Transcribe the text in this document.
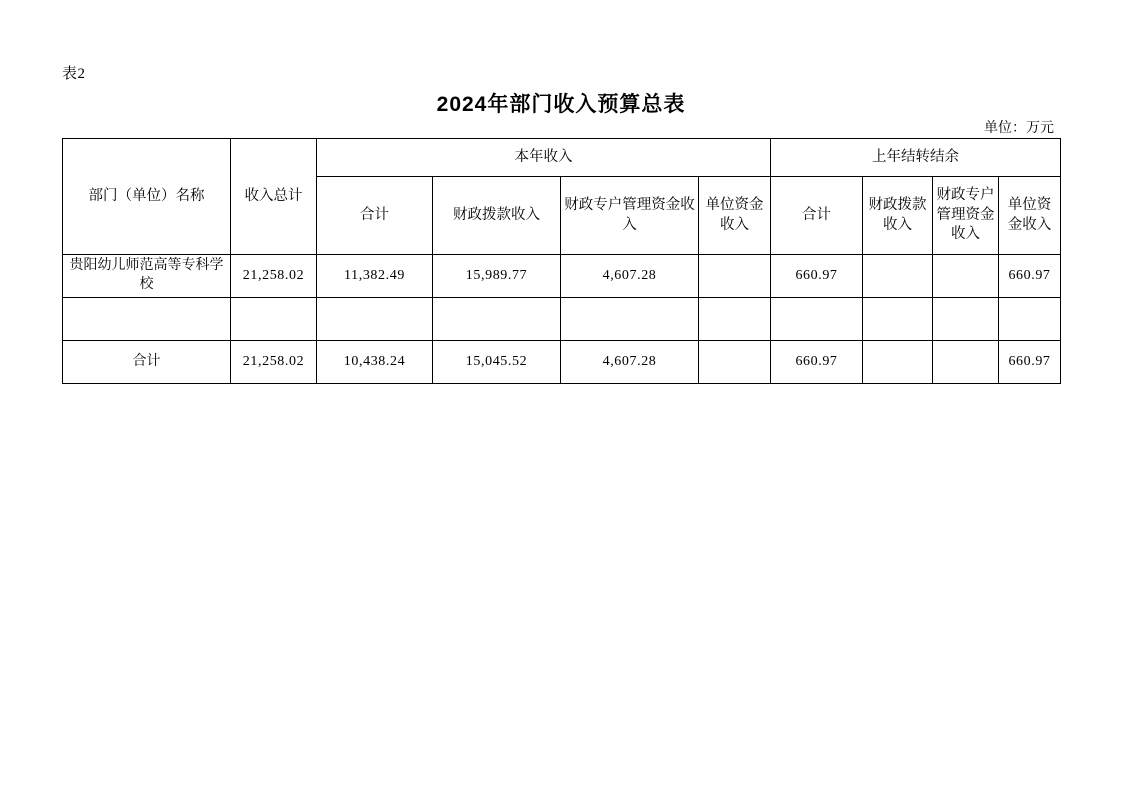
表2
2024年部门收入预算总表
单位：万元
部门（单位）名称	收入总计	本年收入				上年结转结余			
		合计	财政拨款收入	财政专户管理资金收入	单位资金收入	合计	财政拨款收入	财政专户管理资金收入	单位资金收入
贵阳幼儿师范高等专科学校	21,258.02	11,382.49	15,989.77	4,607.28		660.97			660.97

合计	21,258.02	10,438.24	15,045.52	4,607.28		660.97			660.97
